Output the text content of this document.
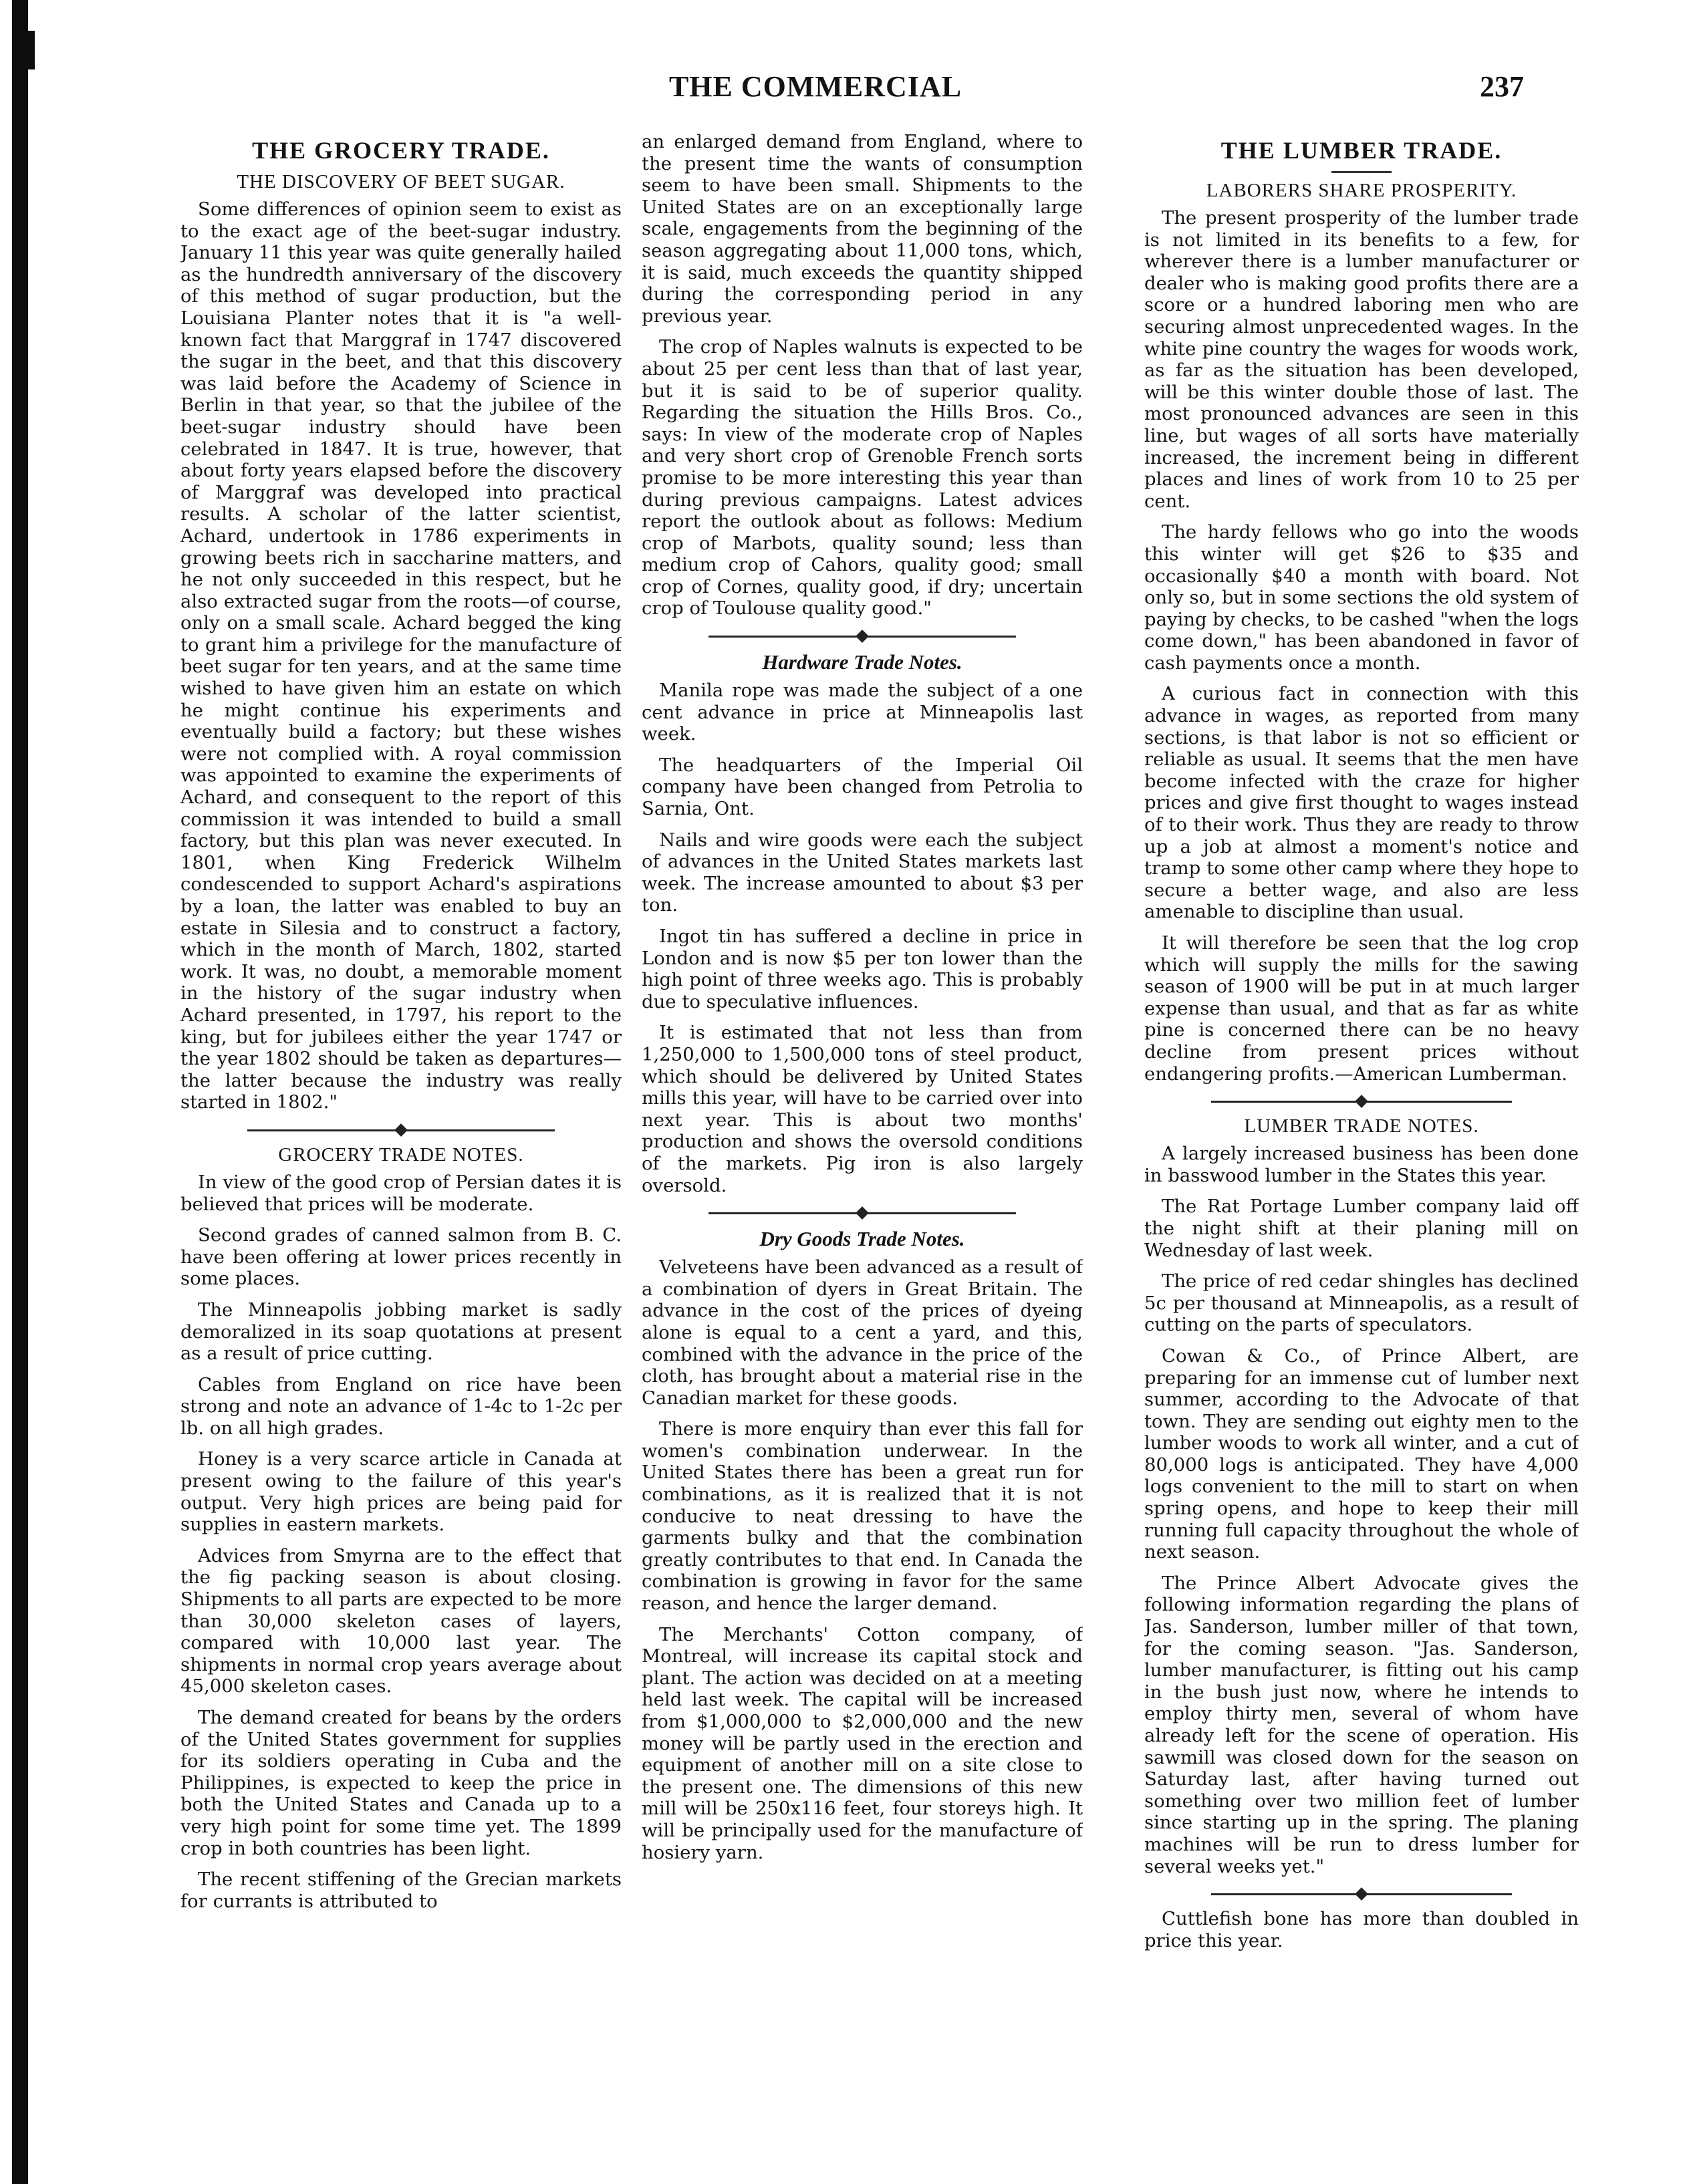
THE COMMERCIAL	237
THE GROCERY TRADE.
THE DISCOVERY OF BEET SUGAR.

Some differences of opinion seem to exist as to the exact age of the beet-sugar industry. January 11 this year was quite generally hailed as the hundredth anniversary of the discovery of this method of sugar production, but the Louisiana Planter notes that it is "a well-known fact that Marggraf in 1747 discovered the sugar in the beet, and that this discovery was laid before the Academy of Science in Berlin in that year, so that the jubilee of the beet-sugar industry should have been celebrated in 1847. It is true, however, that about forty years elapsed before the discovery of Marggraf was developed into practical results. A scholar of the latter scientist, Achard, undertook in 1786 experiments in growing beets rich in saccharine matters, and he not only succeeded in this respect, but he also extracted sugar from the roots—of course, only on a small scale. Achard begged the king to grant him a privilege for the manufacture of beet sugar for ten years, and at the same time wished to have given him an estate on which he might continue his experiments and eventually build a factory; but these wishes were not complied with. A royal commission was appointed to examine the experiments of Achard, and consequent to the report of this commission it was intended to build a small factory, but this plan was never executed. In 1801, when King Frederick Wilhelm condescended to support Achard's aspirations by a loan, the latter was enabled to buy an estate in Silesia and to construct a factory, which in the month of March, 1802, started work. It was, no doubt, a memorable moment in the history of the sugar industry when Achard presented, in 1797, his report to the king, but for jubilees either the year 1747 or the year 1802 should be taken as departures—the latter because the industry was really started in 1802."

GROCERY TRADE NOTES.

In view of the good crop of Persian dates it is believed that prices will be moderate.

Second grades of canned salmon from B. C. have been offering at lower prices recently in some places.

The Minneapolis jobbing market is sadly demoralized in its soap quotations at present as a result of price cutting.

Cables from England on rice have been strong and note an advance of 1-4c to 1-2c per lb. on all high grades.

Honey is a very scarce article in Canada at present owing to the failure of this year's output. Very high prices are being paid for supplies in eastern markets.

Advices from Smyrna are to the effect that the fig packing season is about closing. Shipments to all parts are expected to be more than 30,000 skeleton cases of layers, compared with 10,000 last year. The shipments in normal crop years average about 45,000 skeleton cases.

The demand created for beans by the orders of the United States government for supplies for its soldiers operating in Cuba and the Philippines, is expected to keep the price in both the United States and Canada up to a very high point for some time yet. The 1899 crop in both countries has been light.

The recent stiffening of the Grecian markets for currants is attributed to

an enlarged demand from England, where to the present time the wants of consumption seem to have been small. Shipments to the United States are on an exceptionally large scale, engagements from the beginning of the season aggregating about 11,000 tons, which, it is said, much exceeds the quantity shipped during the corresponding period in any previous year.

The crop of Naples walnuts is expected to be about 25 per cent less than that of last year, but it is said to be of superior quality. Regarding the situation the Hills Bros. Co., says: In view of the moderate crop of Naples and very short crop of Grenoble French sorts promise to be more interesting this year than during previous campaigns. Latest advices report the outlook about as follows: Medium crop of Marbots, quality sound; less than medium crop of Cahors, quality good; small crop of Cornes, quality good, if dry; uncertain crop of Toulouse quality good."

Hardware Trade Notes.

Manila rope was made the subject of a one cent advance in price at Minneapolis last week.

The headquarters of the Imperial Oil company have been changed from Petrolia to Sarnia, Ont.

Nails and wire goods were each the subject of advances in the United States markets last week. The increase amounted to about $3 per ton.

Ingot tin has suffered a decline in price in London and is now $5 per ton lower than the high point of three weeks ago. This is probably due to speculative influences.

It is estimated that not less than from 1,250,000 to 1,500,000 tons of steel product, which should be delivered by United States mills this year, will have to be carried over into next year. This is about two months' production and shows the oversold conditions of the markets. Pig iron is also largely oversold.

Dry Goods Trade Notes.

Velveteens have been advanced as a result of a combination of dyers in Great Britain. The advance in the cost of the prices of dyeing alone is equal to a cent a yard, and this, combined with the advance in the price of the cloth, has brought about a material rise in the Canadian market for these goods.

There is more enquiry than ever this fall for women's combination underwear. In the United States there has been a great run for combinations, as it is realized that it is not conducive to neat dressing to have the garments bulky and that the combination greatly contributes to that end. In Canada the combination is growing in favor for the same reason, and hence the larger demand.

The Merchants' Cotton company, of Montreal, will increase its capital stock and plant. The action was decided on at a meeting held last week. The capital will be increased from $1,000,000 to $2,000,000 and the new money will be partly used in the erection and equipment of another mill on a site close to the present one. The dimensions of this new mill will be 250x116 feet, four storeys high. It will be principally used for the manufacture of hosiery yarn.

THE LUMBER TRADE.
LABORERS SHARE PROSPERITY.

The present prosperity of the lumber trade is not limited in its benefits to a few, for wherever there is a lumber manufacturer or dealer who is making good profits there are a score or a hundred laboring men who are securing almost unprecedented wages. In the white pine country the wages for woods work, as far as the situation has been developed, will be this winter double those of last. The most pronounced advances are seen in this line, but wages of all sorts have materially increased, the increment being in different places and lines of work from 10 to 25 per cent.

The hardy fellows who go into the woods this winter will get $26 to $35 and occasionally $40 a month with board. Not only so, but in some sections the old system of paying by checks, to be cashed "when the logs come down," has been abandoned in favor of cash payments once a month.

A curious fact in connection with this advance in wages, as reported from many sections, is that labor is not so efficient or reliable as usual. It seems that the men have become infected with the craze for higher prices and give first thought to wages instead of to their work. Thus they are ready to throw up a job at almost a moment's notice and tramp to some other camp where they hope to secure a better wage, and also are less amenable to discipline than usual.

It will therefore be seen that the log crop which will supply the mills for the sawing season of 1900 will be put in at much larger expense than usual, and that as far as white pine is concerned there can be no heavy decline from present prices without endangering profits.—American Lumberman.

LUMBER TRADE NOTES.

A largely increased business has been done in basswood lumber in the States this year.

The Rat Portage Lumber company laid off the night shift at their planing mill on Wednesday of last week.

The price of red cedar shingles has declined 5c per thousand at Minneapolis, as a result of cutting on the parts of speculators.

Cowan & Co., of Prince Albert, are preparing for an immense cut of lumber next summer, according to the Advocate of that town. They are sending out eighty men to the lumber woods to work all winter, and a cut of 80,000 logs is anticipated. They have 4,000 logs convenient to the mill to start on when spring opens, and hope to keep their mill running full capacity throughout the whole of next season.

The Prince Albert Advocate gives the following information regarding the plans of Jas. Sanderson, lumber miller of that town, for the coming season. "Jas. Sanderson, lumber manufacturer, is fitting out his camp in the bush just now, where he intends to employ thirty men, several of whom have already left for the scene of operation. His sawmill was closed down for the season on Saturday last, after having turned out something over two million feet of lumber since starting up in the spring. The planing machines will be run to dress lumber for several weeks yet."

Cuttlefish bone has more than doubled in price this year.
